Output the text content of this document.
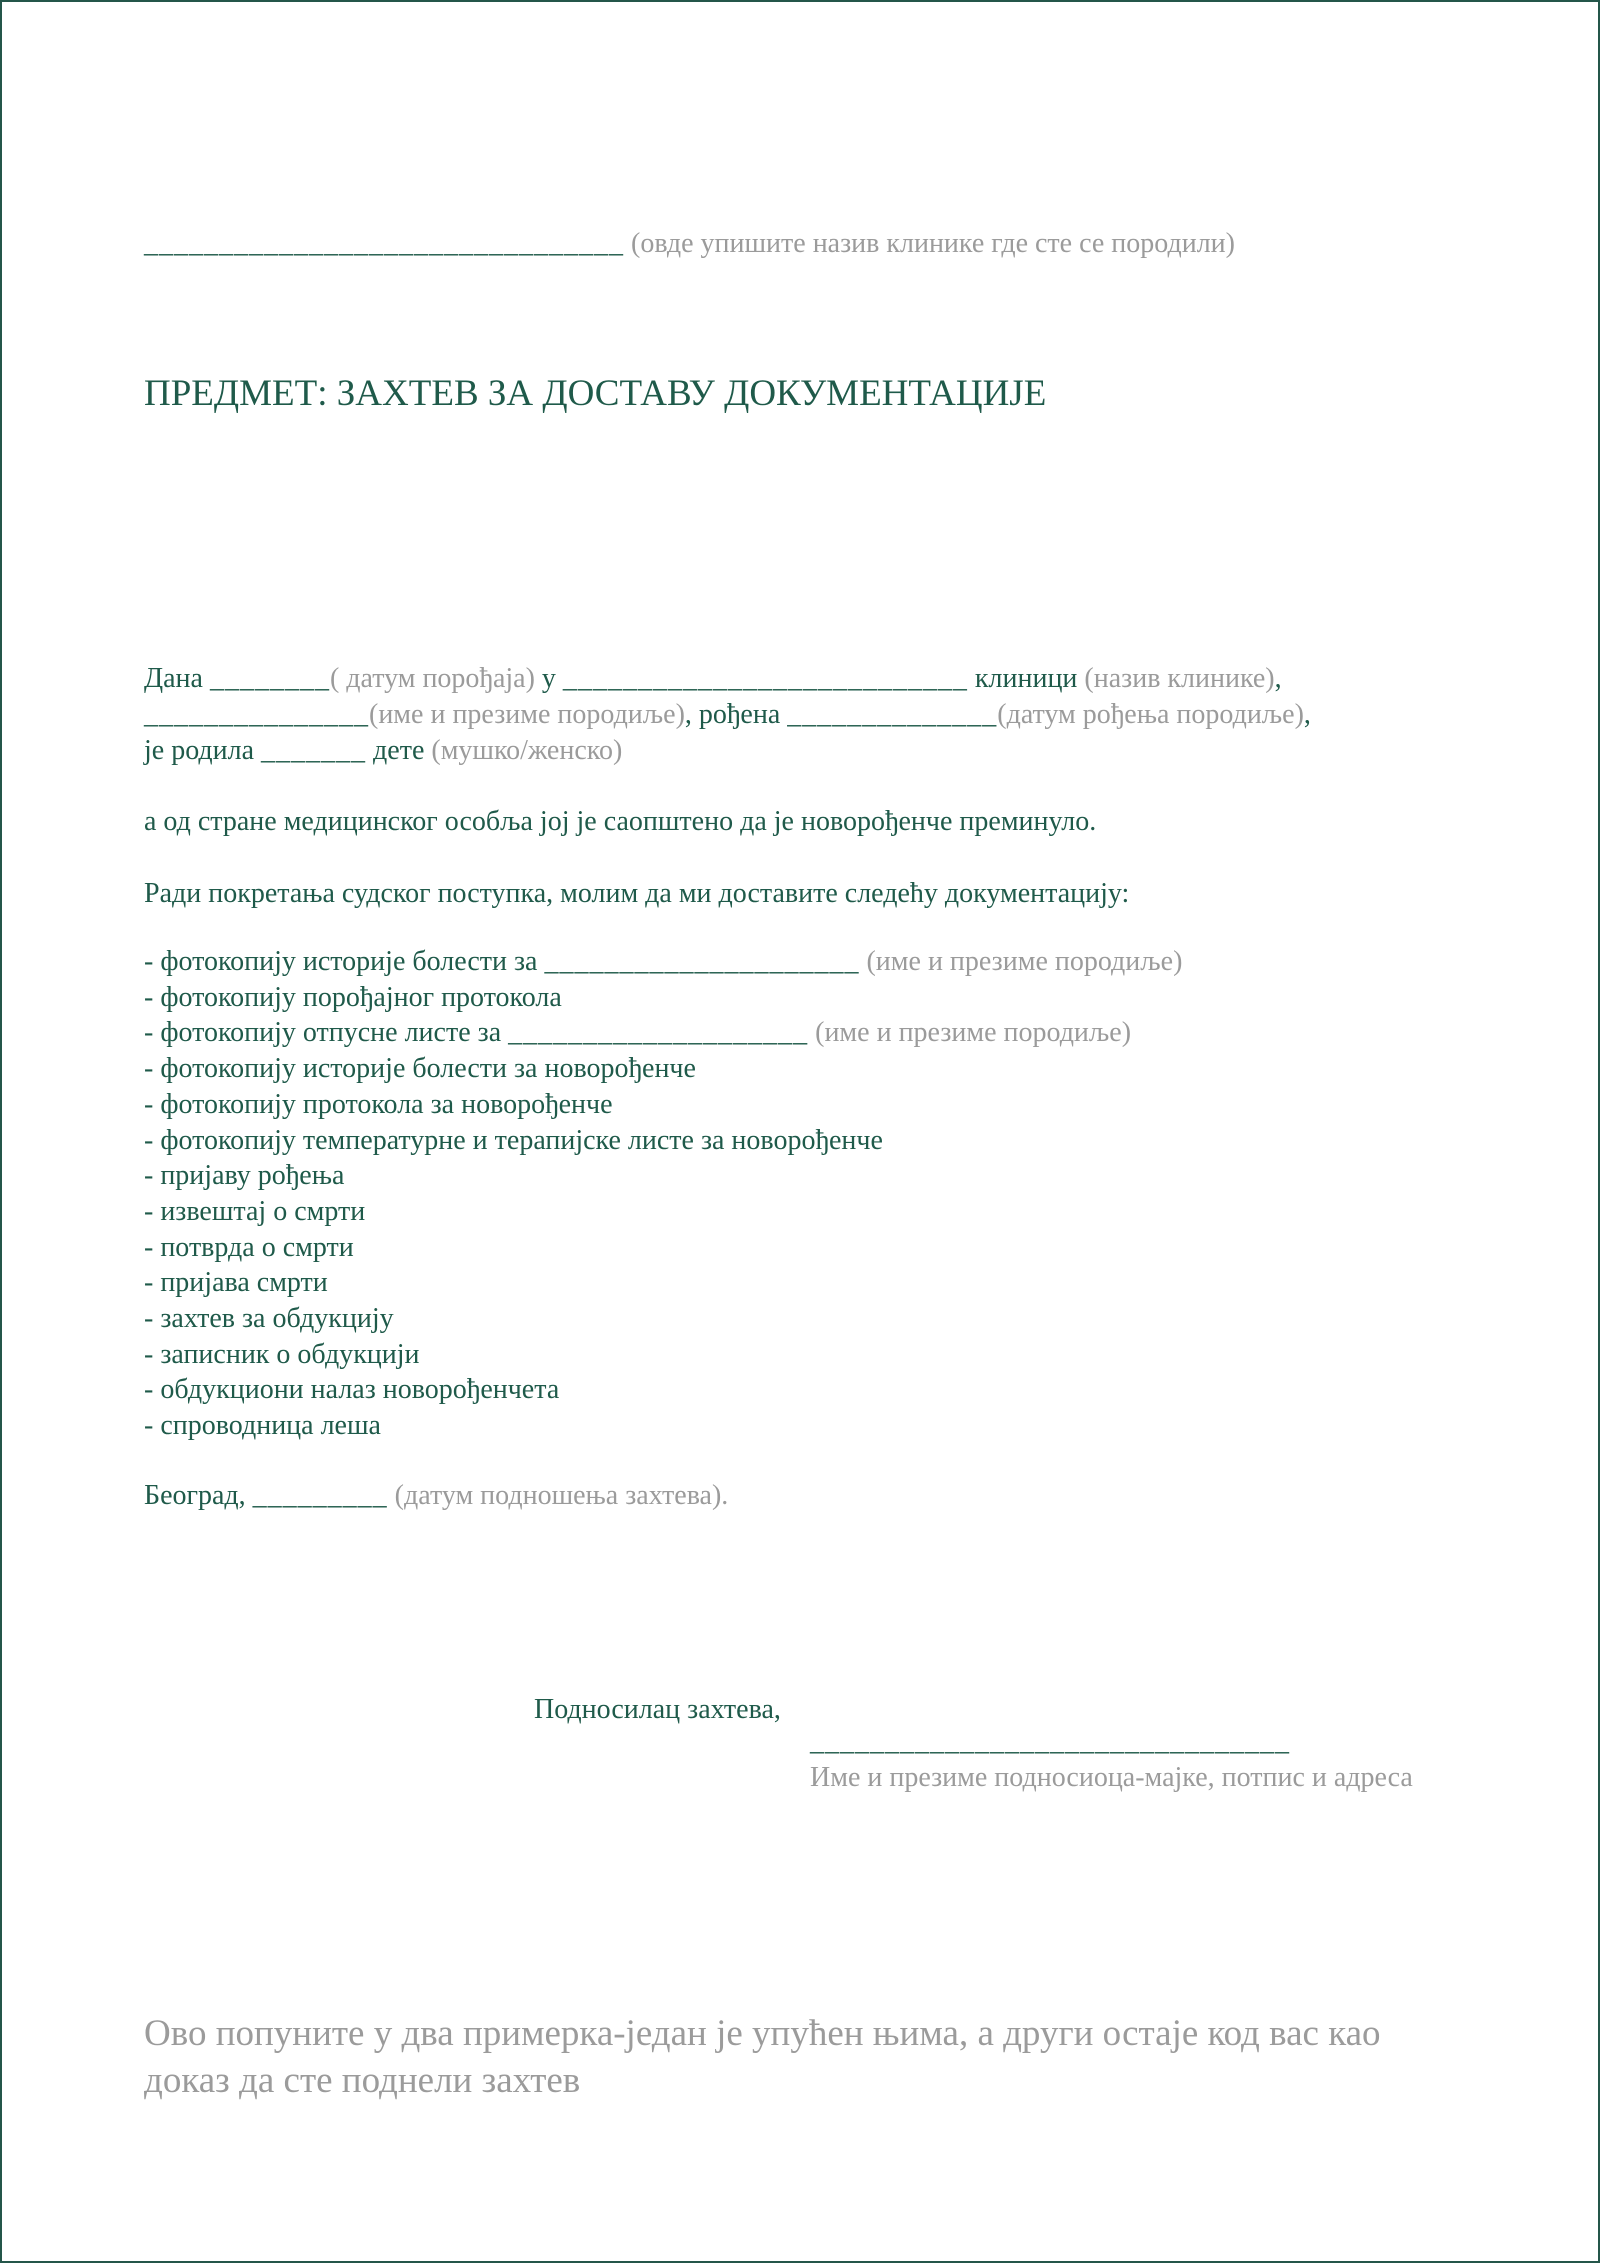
________________________________ (овде упишите назив клинике где сте се породили)
ПРЕДМЕТ: ЗАХТЕВ ЗА ДОСТАВУ ДОКУМЕНТАЦИЈЕ
Дана ________( датум порођаја) у ___________________________ клиници (назив клинике),
_______________(име и презиме породиље), рођена ______________(датум рођења породиље),
је родила _______ дете (мушко/женско)
а од стране медицинског особља јој је саопштено да је новорођенче преминуло.
Ради покретања судског поступка, молим да ми доставите следећу документацију:
- фотокопију историје болести за _____________________ (име и презиме породиље)
- фотокопију порођајног протокола
- фотокопију отпусне листе за ____________________ (име и презиме породиље)
- фотокопију историје болести за новорођенче
- фотокопију протокола за новорођенче
- фотокопију температурне и терапијске листе за новорођенче
- пријаву рођења
- извештај о смрти
- потврда о смрти
- пријава смрти
- захтев за обдукцију
- записник о обдукцији
- обдукциони налаз новорођенчета
- спроводница леша
Београд, _________ (датум подношења захтева).
Подносилац захтева,
________________________________
Име и презиме подносиоца-мајке, потпис и адреса
Ово попуните у два примерка-један је упућен њима, а други остаје код вас као доказ да сте поднели захтев
